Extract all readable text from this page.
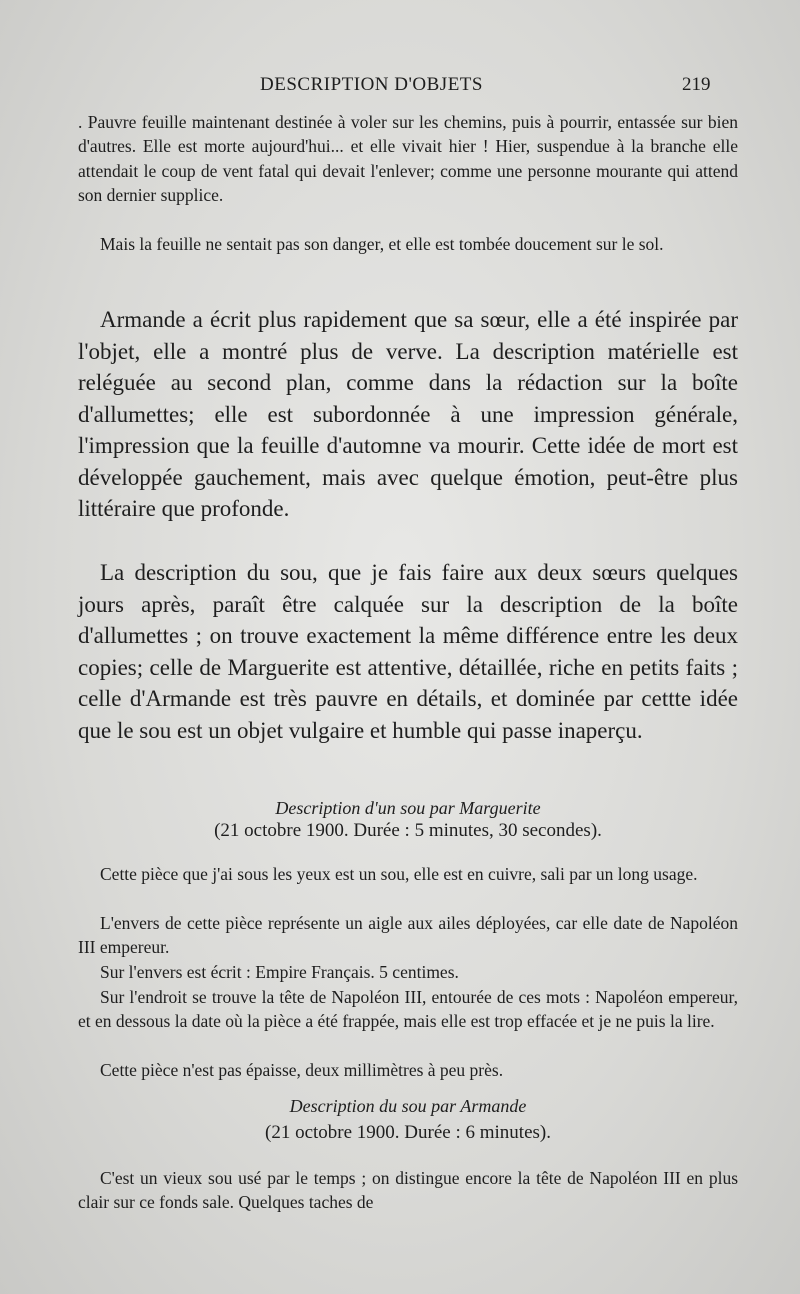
DESCRIPTION D'OBJETS	219

. Pauvre feuille maintenant destinée à voler sur les chemins, puis à pourrir, entassée sur bien d'autres. Elle est morte aujourd'hui... et elle vivait hier ! Hier, suspendue à la branche elle attendait le coup de vent fatal qui devait l'enlever; comme une personne mourante qui attend son dernier supplice.

Mais la feuille ne sentait pas son danger, et elle est tombée doucement sur le sol.

Armande a écrit plus rapidement que sa sœur, elle a été inspirée par l'objet, elle a montré plus de verve. La description matérielle est reléguée au second plan, comme dans la rédaction sur la boîte d'allumettes; elle est subordonnée à une impression générale, l'impression que la feuille d'automne va mourir. Cette idée de mort est développée gauchement, mais avec quelque émotion, peut-être plus littéraire que profonde.

La description du sou, que je fais faire aux deux sœurs quelques jours après, paraît être calquée sur la description de la boîte d'allumettes ; on trouve exactement la même différence entre les deux copies; celle de Marguerite est attentive, détaillée, riche en petits faits ; celle d'Armande est très pauvre en détails, et dominée par cettte idée que le sou est un objet vulgaire et humble qui passe inaperçu.

Description d'un sou par Marguerite
(21 octobre 1900. Durée : 5 minutes, 30 secondes).

Cette pièce que j'ai sous les yeux est un sou, elle est en cuivre, sali par un long usage.

L'envers de cette pièce représente un aigle aux ailes déployées, car elle date de Napoléon III empereur.

Sur l'envers est écrit : Empire Français. 5 centimes.

Sur l'endroit se trouve la tête de Napoléon III, entourée de ces mots : Napoléon empereur, et en dessous la date où la pièce a été frappée, mais elle est trop effacée et je ne puis la lire.

Cette pièce n'est pas épaisse, deux millimètres à peu près.

Description du sou par Armande
(21 octobre 1900. Durée : 6 minutes).

C'est un vieux sou usé par le temps ; on distingue encore la tête de Napoléon III en plus clair sur ce fonds sale. Quelques taches de
